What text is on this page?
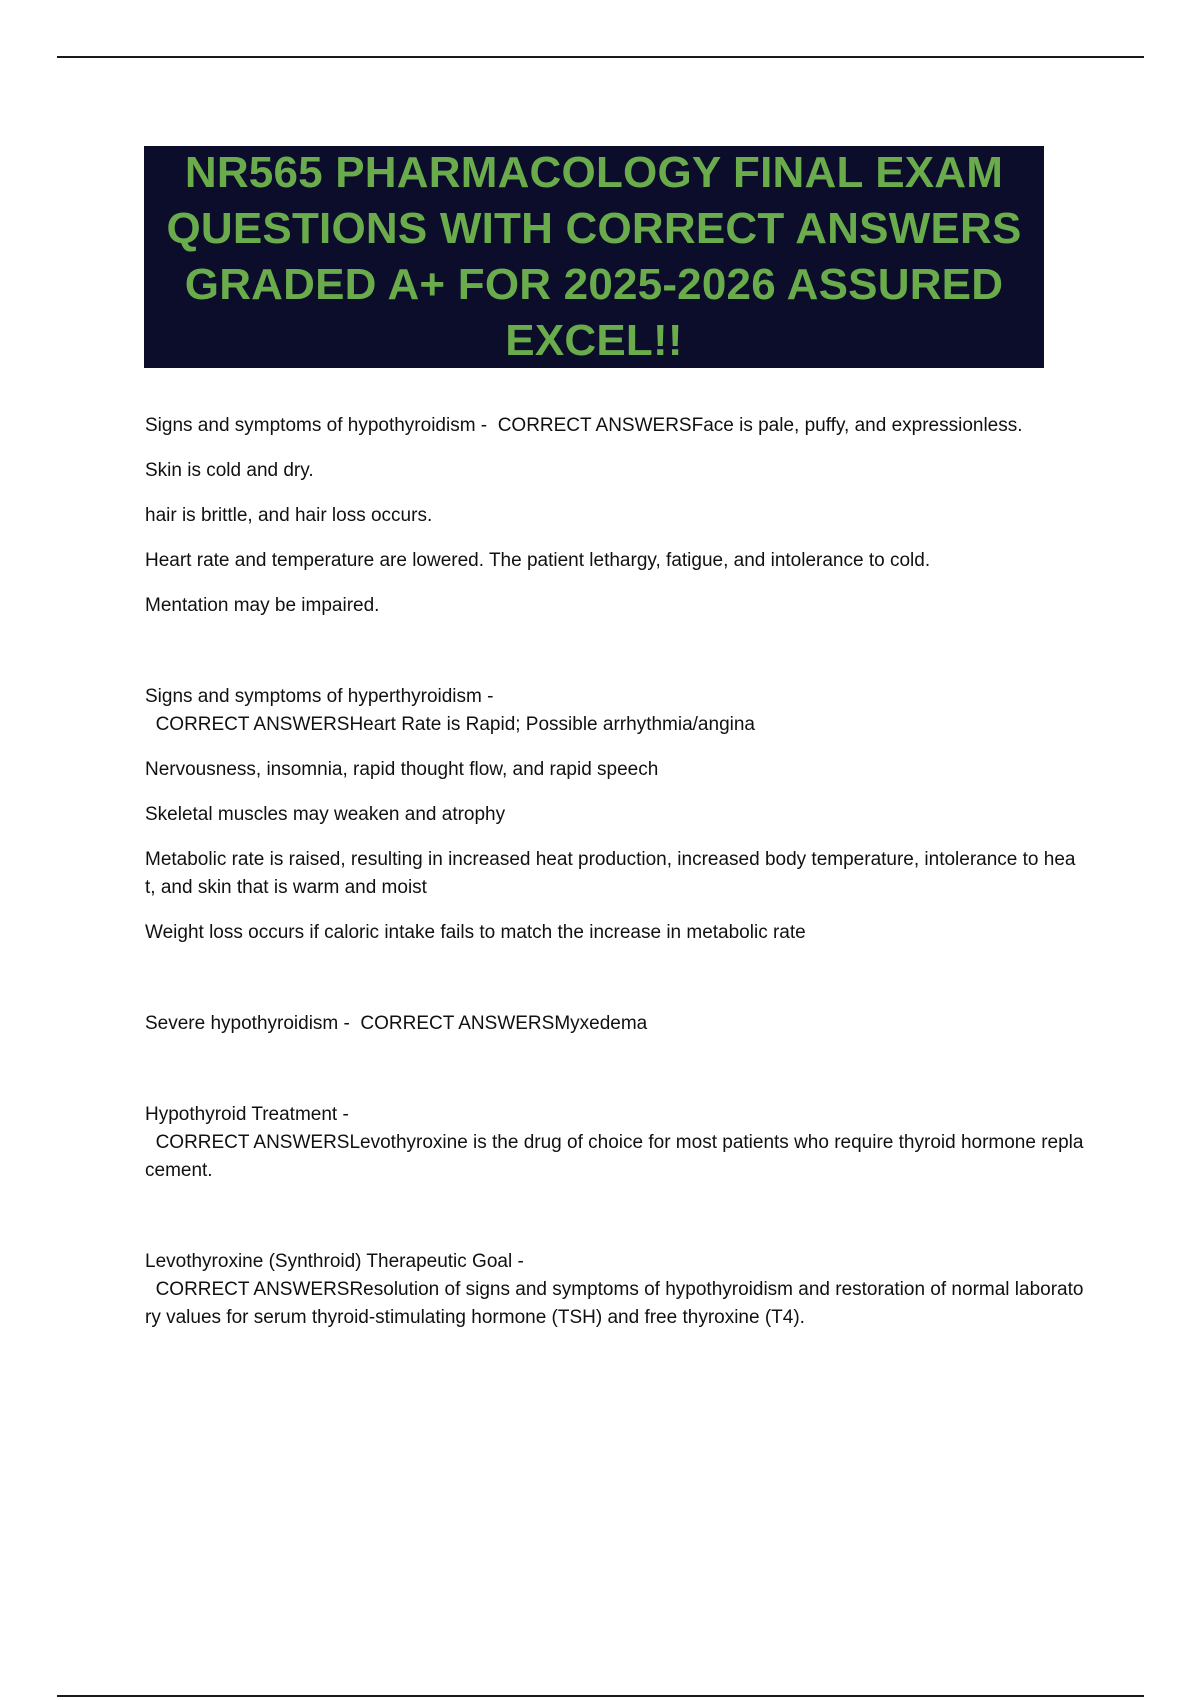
NR565 PHARMACOLOGY FINAL EXAM QUESTIONS WITH CORRECT ANSWERS GRADED A+ FOR 2025-2026 ASSURED EXCEL!!

Signs and symptoms of hypothyroidism -  CORRECT ANSWERSFace is pale, puffy, and expressionless.

Skin is cold and dry.

hair is brittle, and hair loss occurs.

Heart rate and temperature are lowered. The patient lethargy, fatigue, and intolerance to cold.

Mentation may be impaired.

Signs and symptoms of hyperthyroidism -

CORRECT ANSWERSHeart Rate is Rapid; Possible arrhythmia/angina

Nervousness, insomnia, rapid thought flow, and rapid speech

Skeletal muscles may weaken and atrophy

Metabolic rate is raised, resulting in increased heat production, increased body temperature, intolerance to heat, and skin that is warm and moist

Weight loss occurs if caloric intake fails to match the increase in metabolic rate

Severe hypothyroidism -  CORRECT ANSWERSMyxedema

Hypothyroid Treatment -

CORRECT ANSWERSLevothyroxine is the drug of choice for most patients who require thyroid hormone replacement.

Levothyroxine (Synthroid) Therapeutic Goal -

CORRECT ANSWERSResolution of signs and symptoms of hypothyroidism and restoration of normal laboratory values for serum thyroid-stimulating hormone (TSH) and free thyroxine (T4).
